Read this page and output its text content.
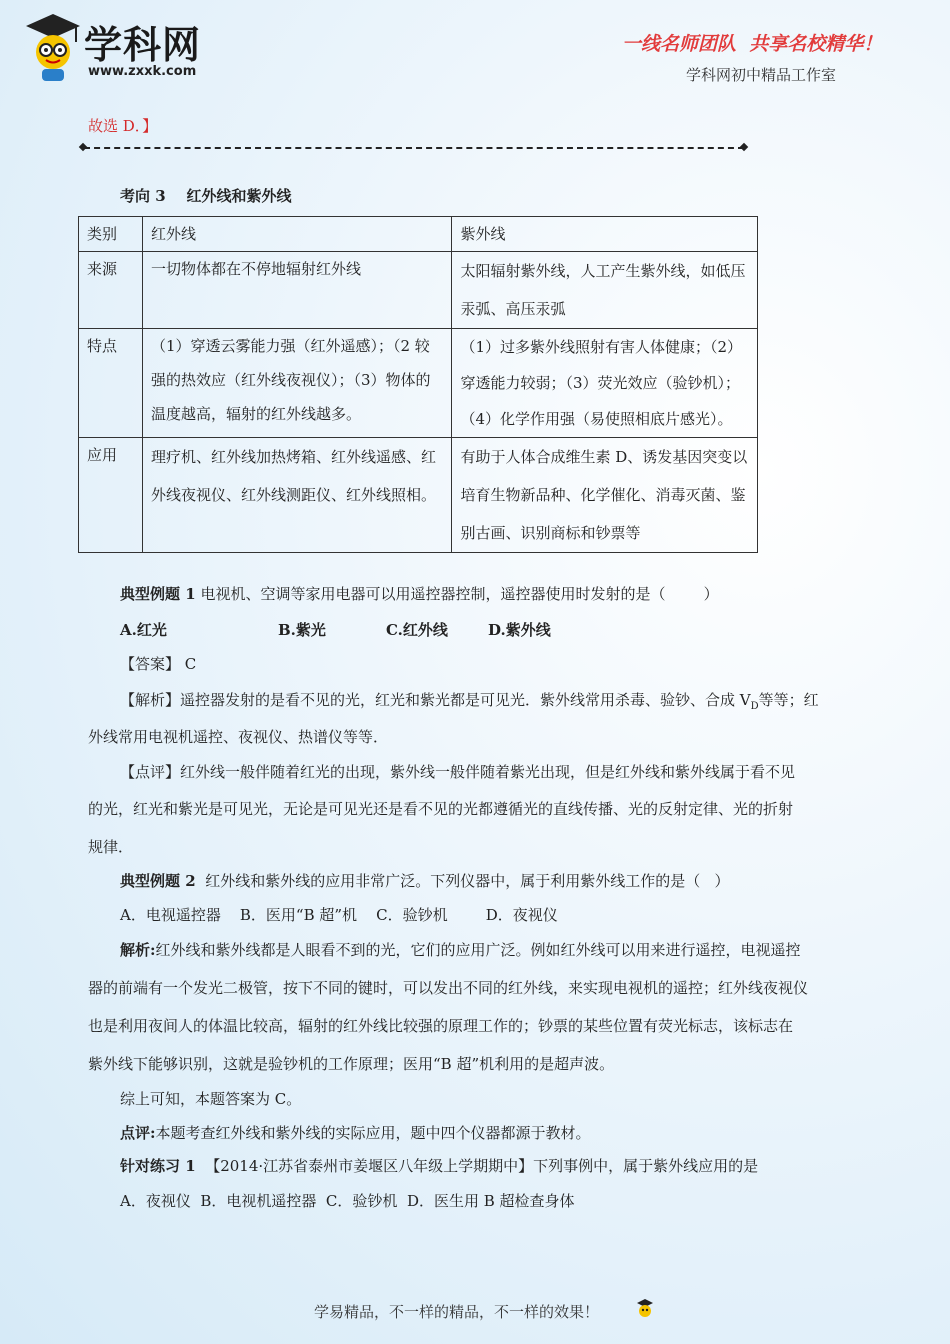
学科网
www.zxxk.com
一线名师团队  共享名校精华！
学科网初中精品工作室

故选 D．】

考向 3    红外线和紫外线

类别	红外线	紫外线
来源	一切物体都在不停地辐射红外线	太阳辐射紫外线，人工产生紫外线，如低压汞弧、高压汞弧
特点	（1）穿透云雾能力强（红外遥感）；（2 较强的热效应（红外线夜视仪）；（3）物体的温度越高，辐射的红外线越多。	（1）过多紫外线照射有害人体健康；（2）穿透能力较弱；（3）荧光效应（验钞机）；（4）化学作用强（易使照相底片感光）。
应用	理疗机、红外线加热烤箱、红外线遥感、红外线夜视仪、红外线测距仪、红外线照相。	有助于人体合成维生素 D、诱发基因突变以培育生物新品种、化学催化、消毒灭菌、鉴别古画、识别商标和钞票等

典型例题 1 电视机、空调等家用电器可以用遥控器控制，遥控器使用时发射的是（        ）

A.红光	B.紫光	C.红外线	D.紫外线

【答案】 C

【解析】遥控器发射的是看不见的光，红光和紫光都是可见光．紫外线常用杀毒、验钞、合成 $V_D$等等；红

外线常用电视机遥控、夜视仪、热谱仪等等．

【点评】红外线一般伴随着红光的出现，紫外线一般伴随着紫光出现，但是红外线和紫外线属于看不见

的光，红光和紫光是可见光，无论是可见光还是看不见的光都遵循光的直线传播、光的反射定律、光的折射

规律．

典型例题 2  红外线和紫外线的应用非常广泛。下列仪器中，属于利用紫外线工作的是（   ）

A．电视遥控器    B．医用“B 超”机    C．验钞机        D．夜视仪

解析:红外线和紫外线都是人眼看不到的光，它们的应用广泛。例如红外线可以用来进行遥控，电视遥控

器的前端有一个发光二极管，按下不同的键时，可以发出不同的红外线，来实现电视机的遥控；红外线夜视仪

也是利用夜间人的体温比较高，辐射的红外线比较强的原理工作的；钞票的某些位置有荧光标志，该标志在

紫外线下能够识别，这就是验钞机的工作原理；医用“B 超”机利用的是超声波。

综上可知，本题答案为 C。

点评:本题考查红外线和紫外线的实际应用，题中四个仪器都源于教材。

针对练习 1  【2014·江苏省泰州市姜堰区八年级上学期期中】下列事例中，属于紫外线应用的是

A．夜视仪  B．电视机遥控器  C．验钞机  D．医生用 B 超检查身体

学易精品，不一样的精品，不一样的效果！
